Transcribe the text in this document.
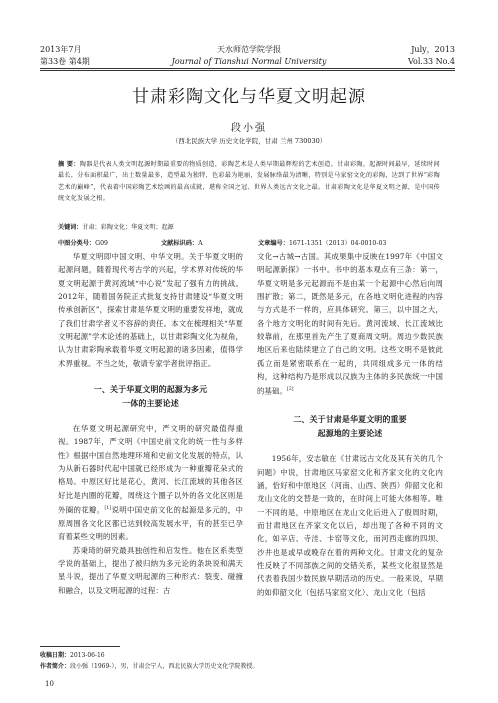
2013年7月	天水师范学院学报	July，2013
第33卷 第4期	Journal of Tianshui Normal University	Vol.33 No.4
甘肃彩陶文化与华夏文明起源
段小强
（西北民族大学 历史文化学院，甘肃 兰州 730030）
摘 要：陶器是代表人类文明起源时期最重要的物质创造，彩陶艺术是人类早期最辉煌的艺术创造。甘肃彩陶，起源时间最早，延续时间最长，分布面积最广，出土数量最多，造型最为独特，色彩最为艳丽，发展脉络最为清晰，特别是马家窑文化的彩陶，达到了世界“彩陶艺术的巅峰”，代表着中国彩陶艺术绘画的最高成就，堪称全国之冠、世界人类远古文化之最。甘肃彩陶文化是华夏文明之源，是中国传统文化发展之根。
关键词：甘肃；彩陶文化；华夏文明；起源
中图分类号：G09	文献标识码：A	文章编号：1671-1351（2013）04-0010-03

华夏文明即中国文明、中华文明。关于华夏文明的起源问题，随着现代考古学的兴起，学术界对传统的华夏文明起源于黄河流域“中心说”发起了强有力的挑战。2012年，随着国务院正式批复支持甘肃建设“华夏文明传承创新区”，探索甘肃是华夏文明的重要发祥地，就成了我们甘肃学者义不容辞的责任。本文在梳理相关“华夏文明起源”学术论述的基础上，以甘肃彩陶文化为视角，认为甘肃彩陶承载着华夏文明起源的诸多因素，值得学术界重视。不当之处，敬请专家学者批评指正。

一、关于华夏文明的起源为多元
一体的主要论述

在华夏文明起源研究中，严文明的研究最值得重视。1987年，严文明《中国史前文化的统一性与多样性》根据中国自然地理环境和史前文化发展的特点，认为从新石器时代起中国就已经形成为一种重瓣花朵式的格局。中原区好比是花心，黄河、长江流域的其他各区好比是内圈的花瓣，周绕这个圈子以外的各文化区则是外圈的花瓣。[1]说明中国史前文化的起源是多元的，中原周围各文化区都已达到较高发展水平，有的甚至已孕育着某些文明的因素。

苏秉琦的研究最具独创性和启发性。他在区系类型学说的基础上，提出了被归纳为多元论的条块说和满天星斗说，提出了华夏文明起源的三种形式：裂变、碰撞和融合，以及文明起源的过程：古

文化→古城→古国。其成果集中反映在1997年《中国文明起源新探》一书中。书中的基本观点有三条：第一，华夏文明是多元起源而不是由某一个起源中心然后向周围扩散；第二，既然是多元，在各地文明化进程的内容与方式是不一样的，应具体研究。第三，以中国之大，各个地方文明化的时间有先后。黄河流域、长江流域比较靠前，在那里首先产生了夏商周文明。周边少数民族地区后来也陆续建立了自己的文明。这些文明不是彼此孤立而是紧密联系在一起的，共同组成多元一体的结构，这种结构乃是形成以汉族为主体的多民族统一中国的基础。[2]

二、关于甘肃是华夏文明的重要
起源地的主要论述

1956年，安志敏在《甘肃远古文化及其有关的几个问题》中说，甘肃地区马家窑文化和齐家文化的文化内涵，恰好和中原地区（河南、山西、陕西）仰韶文化和龙山文化的交替是一致的，在时间上可能大体相等。唯一不同的是，中原地区在龙山文化后进入了殷周时期，而甘肃地区在齐家文化以后，却出现了各种不同的文化，如辛店、寺洼、卡窑等文化，而河西走廊的四坝、沙井也是或早或晚存在着的两种文化。甘肃文化的复杂性反映了不同部族之间的交错关系，某些文化很显然是代表着我国少数民族早期活动的历史。一般来说，早期的如仰韶文化（包括马家窑文化）、龙山文化（包括

收稿日期：2013-06-16
作者简介：段小强（1969-），男，甘肃会宁人，西北民族大学历史文化学院教授。
10
